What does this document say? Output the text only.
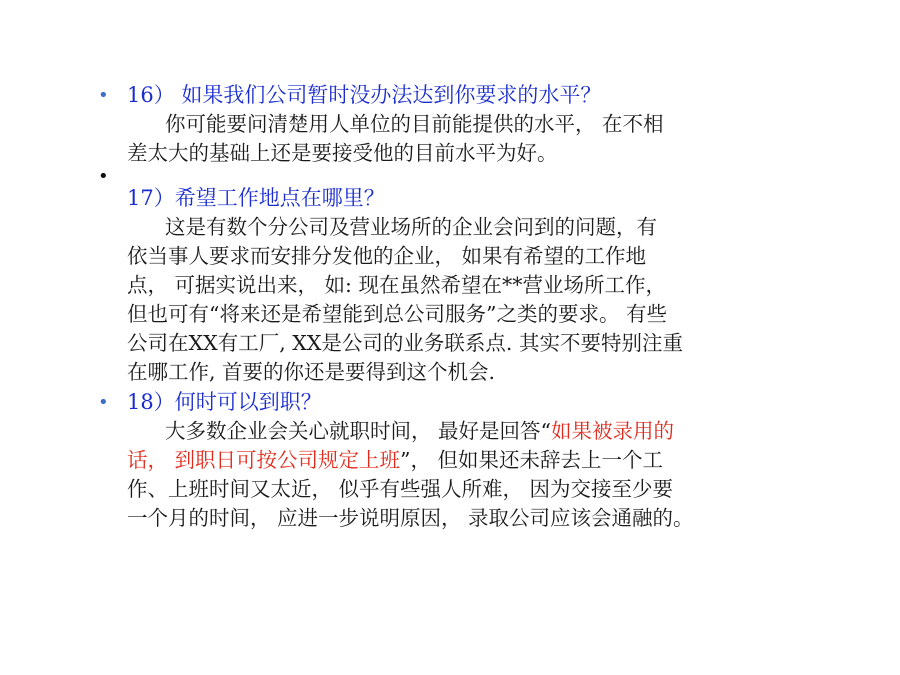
• 16） 如果我们公司暂时没办法达到你要求的水平？
你可能要问清楚用人单位的目前能提供的水平， 在不相
差太大的基础上还是要接受他的目前水平为好。
•
17）希望工作地点在哪里？
这是有数个分公司及营业场所的企业会问到的问题，有
依当事人要求而安排分发他的企业， 如果有希望的工作地
点， 可据实说出来， 如: 现在虽然希望在**营业场所工作，
但也可有“将来还是希望能到总公司服务”之类的要求。 有些
公司在XX有工厂, XX是公司的业务联系点. 其实不要特别注重
在哪工作, 首要的你还是要得到这个机会.
• 18）何时可以到职？
大多数企业会关心就职时间， 最好是回答“如果被录用的
话， 到职日可按公司规定上班”， 但如果还未辞去上一个工
作、上班时间又太近， 似乎有些强人所难， 因为交接至少要
一个月的时间， 应进一步说明原因， 录取公司应该会通融的。
